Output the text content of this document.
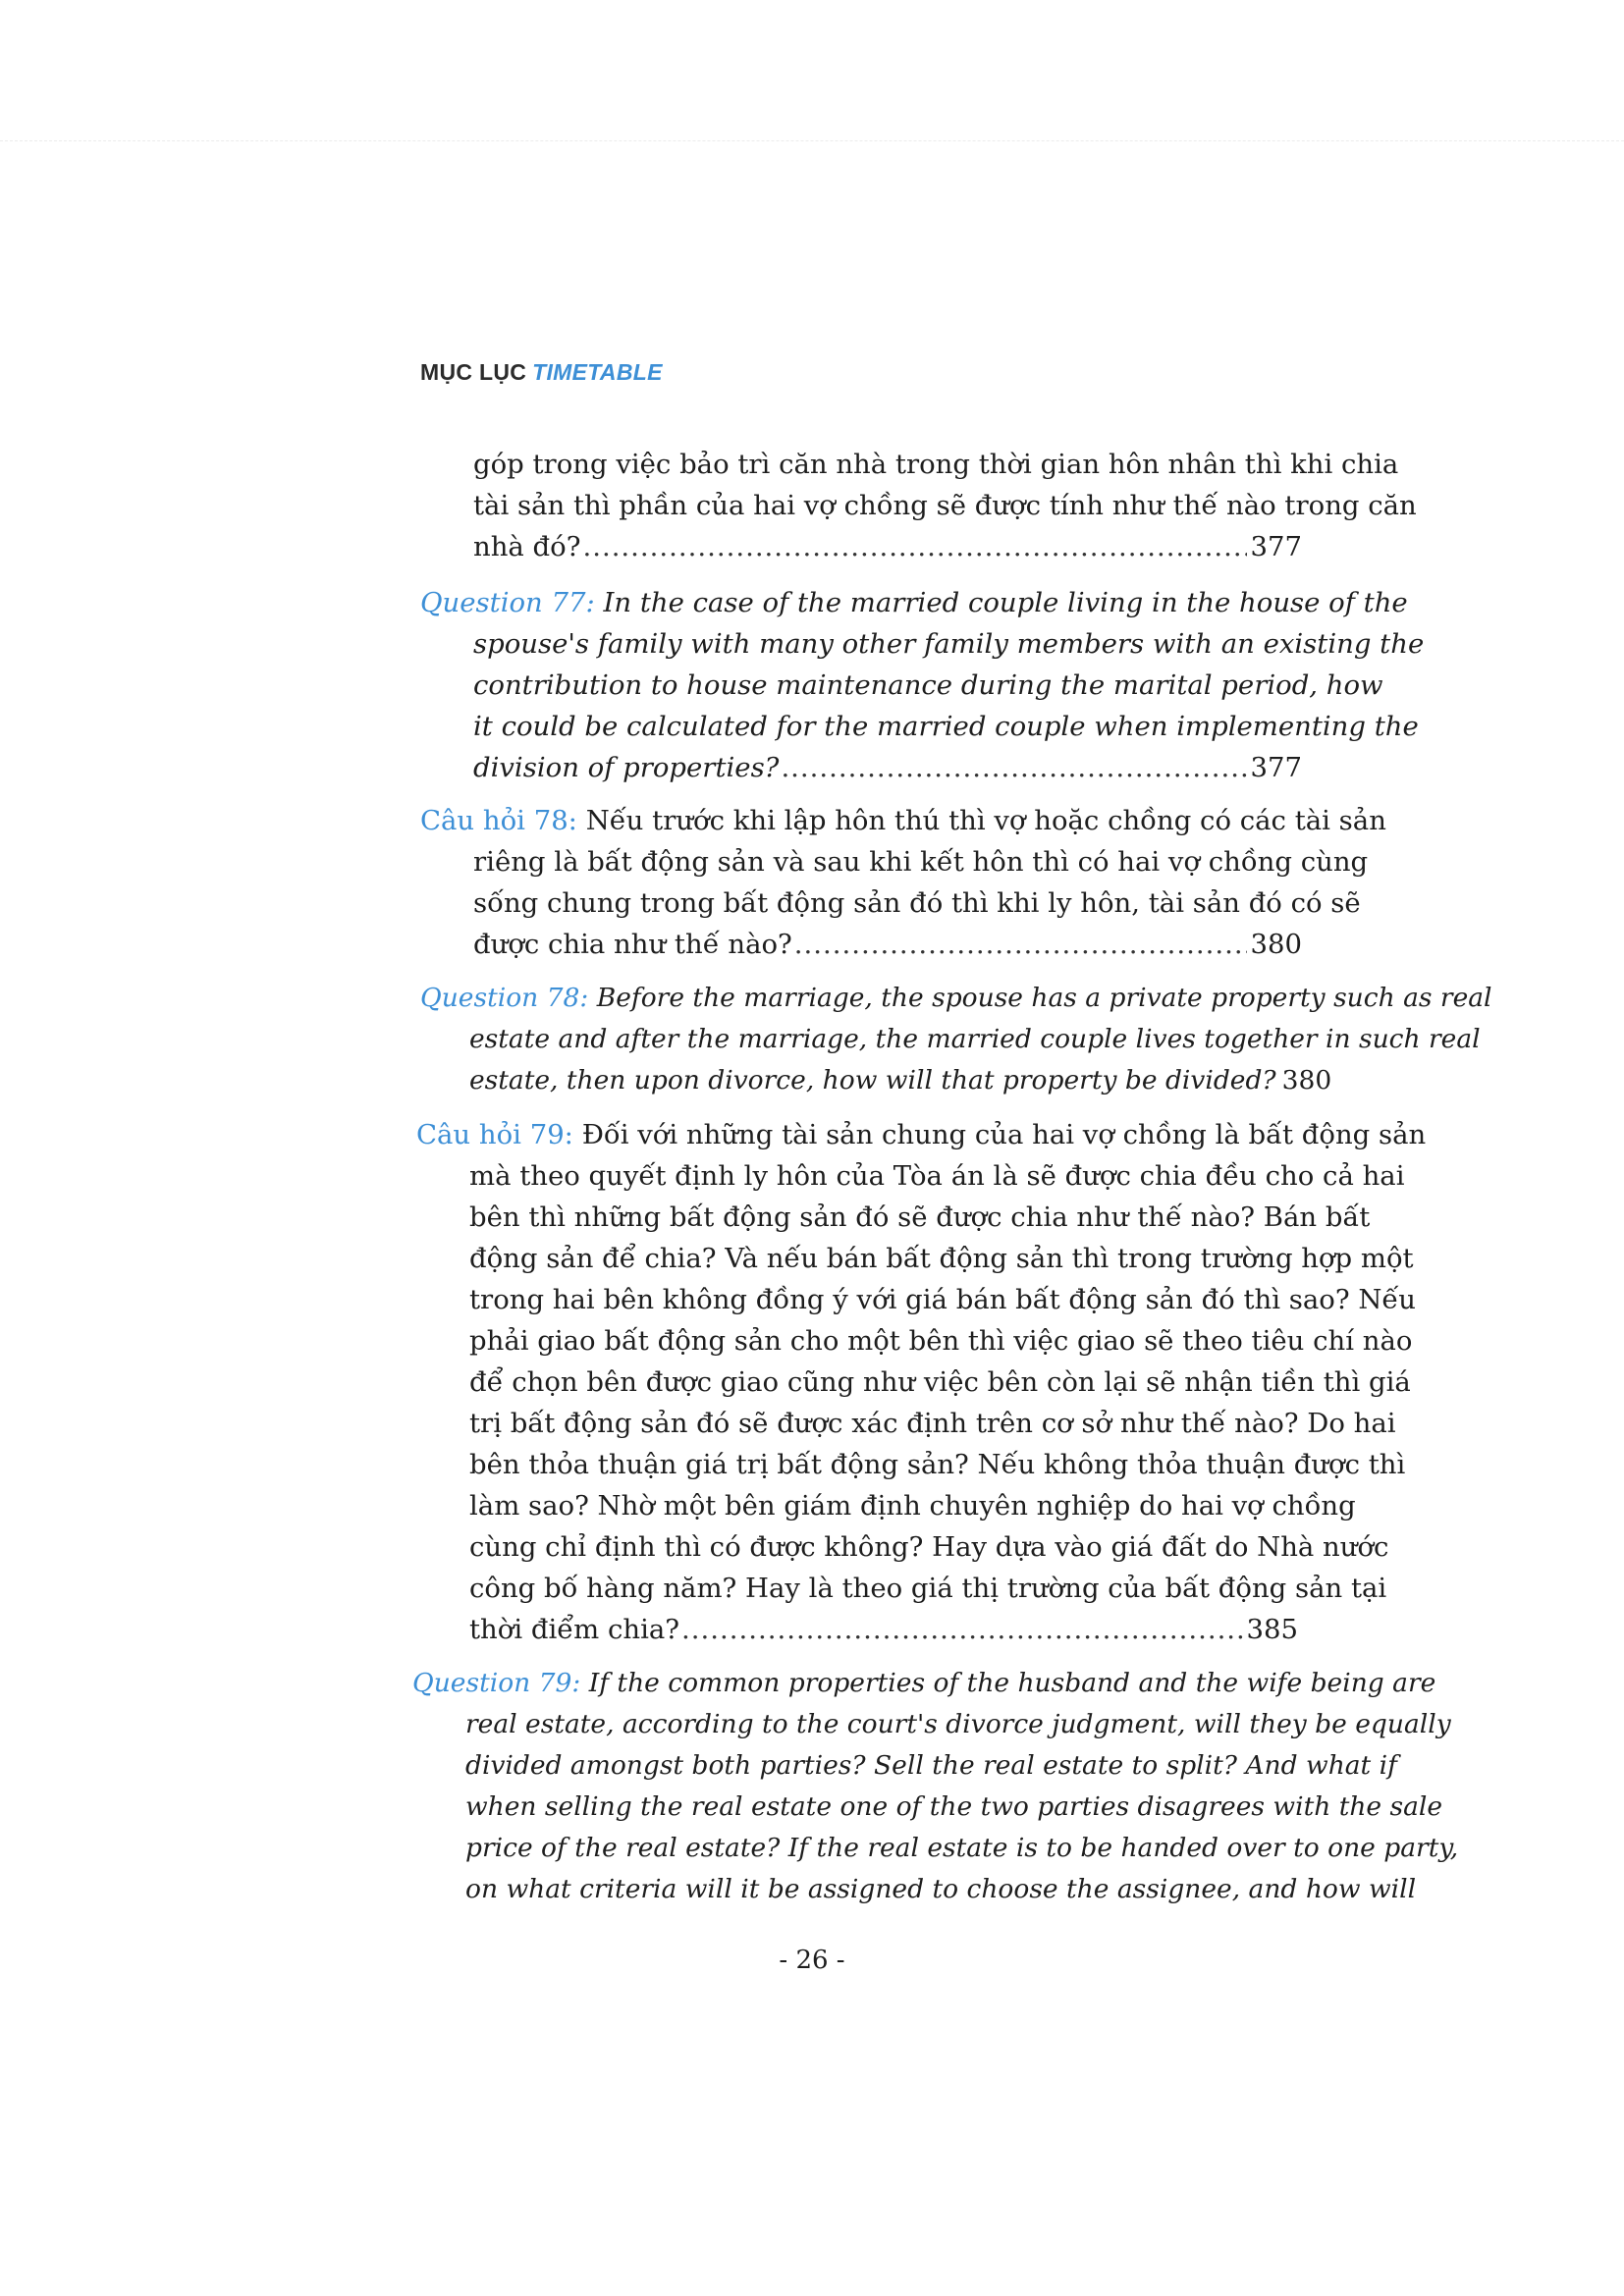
MỤC LỤC TIMETABLE
góp trong việc bảo trì căn nhà trong thời gian hôn nhân thì khi chia
tài sản thì phần của hai vợ chồng sẽ được tính như thế nào trong căn
nhà đó? .....	377
Question 77: In the case of the married couple living in the house of the
spouse's family with many other family members with an existing the
contribution to house maintenance during the marital period, how
it could be calculated for the married couple when implementing the
division of properties? .....	377
Câu hỏi 78: Nếu trước khi lập hôn thú thì vợ hoặc chồng có các tài sản
riêng là bất động sản và sau khi kết hôn thì có hai vợ chồng cùng
sống chung trong bất động sản đó thì khi ly hôn, tài sản đó có sẽ
được chia như thế nào? .....	380
Question 78: Before the marriage, the spouse has a private property such as real
estate and after the marriage, the married couple lives together in such real
estate, then upon divorce, how will that property be divided? 380
Câu hỏi 79: Đối với những tài sản chung của hai vợ chồng là bất động sản
mà theo quyết định ly hôn của Tòa án là sẽ được chia đều cho cả hai
bên thì những bất động sản đó sẽ được chia như thế nào? Bán bất
động sản để chia? Và nếu bán bất động sản thì trong trường hợp một
trong hai bên không đồng ý với giá bán bất động sản đó thì sao? Nếu
phải giao bất động sản cho một bên thì việc giao sẽ theo tiêu chí nào
để chọn bên được giao cũng như việc bên còn lại sẽ nhận tiền thì giá
trị bất động sản đó sẽ được xác định trên cơ sở như thế nào? Do hai
bên thỏa thuận giá trị bất động sản? Nếu không thỏa thuận được thì
làm sao? Nhờ một bên giám định chuyên nghiệp do hai vợ chồng
cùng chỉ định thì có được không? Hay dựa vào giá đất do Nhà nước
công bố hàng năm? Hay là theo giá thị trường của bất động sản tại
thời điểm chia? .....	385
Question 79: If the common properties of the husband and the wife being are
real estate, according to the court's divorce judgment, will they be equally
divided amongst both parties? Sell the real estate to split? And what if
when selling the real estate one of the two parties disagrees with the sale
price of the real estate? If the real estate is to be handed over to one party,
on what criteria will it be assigned to choose the assignee, and how will
- 26 -
